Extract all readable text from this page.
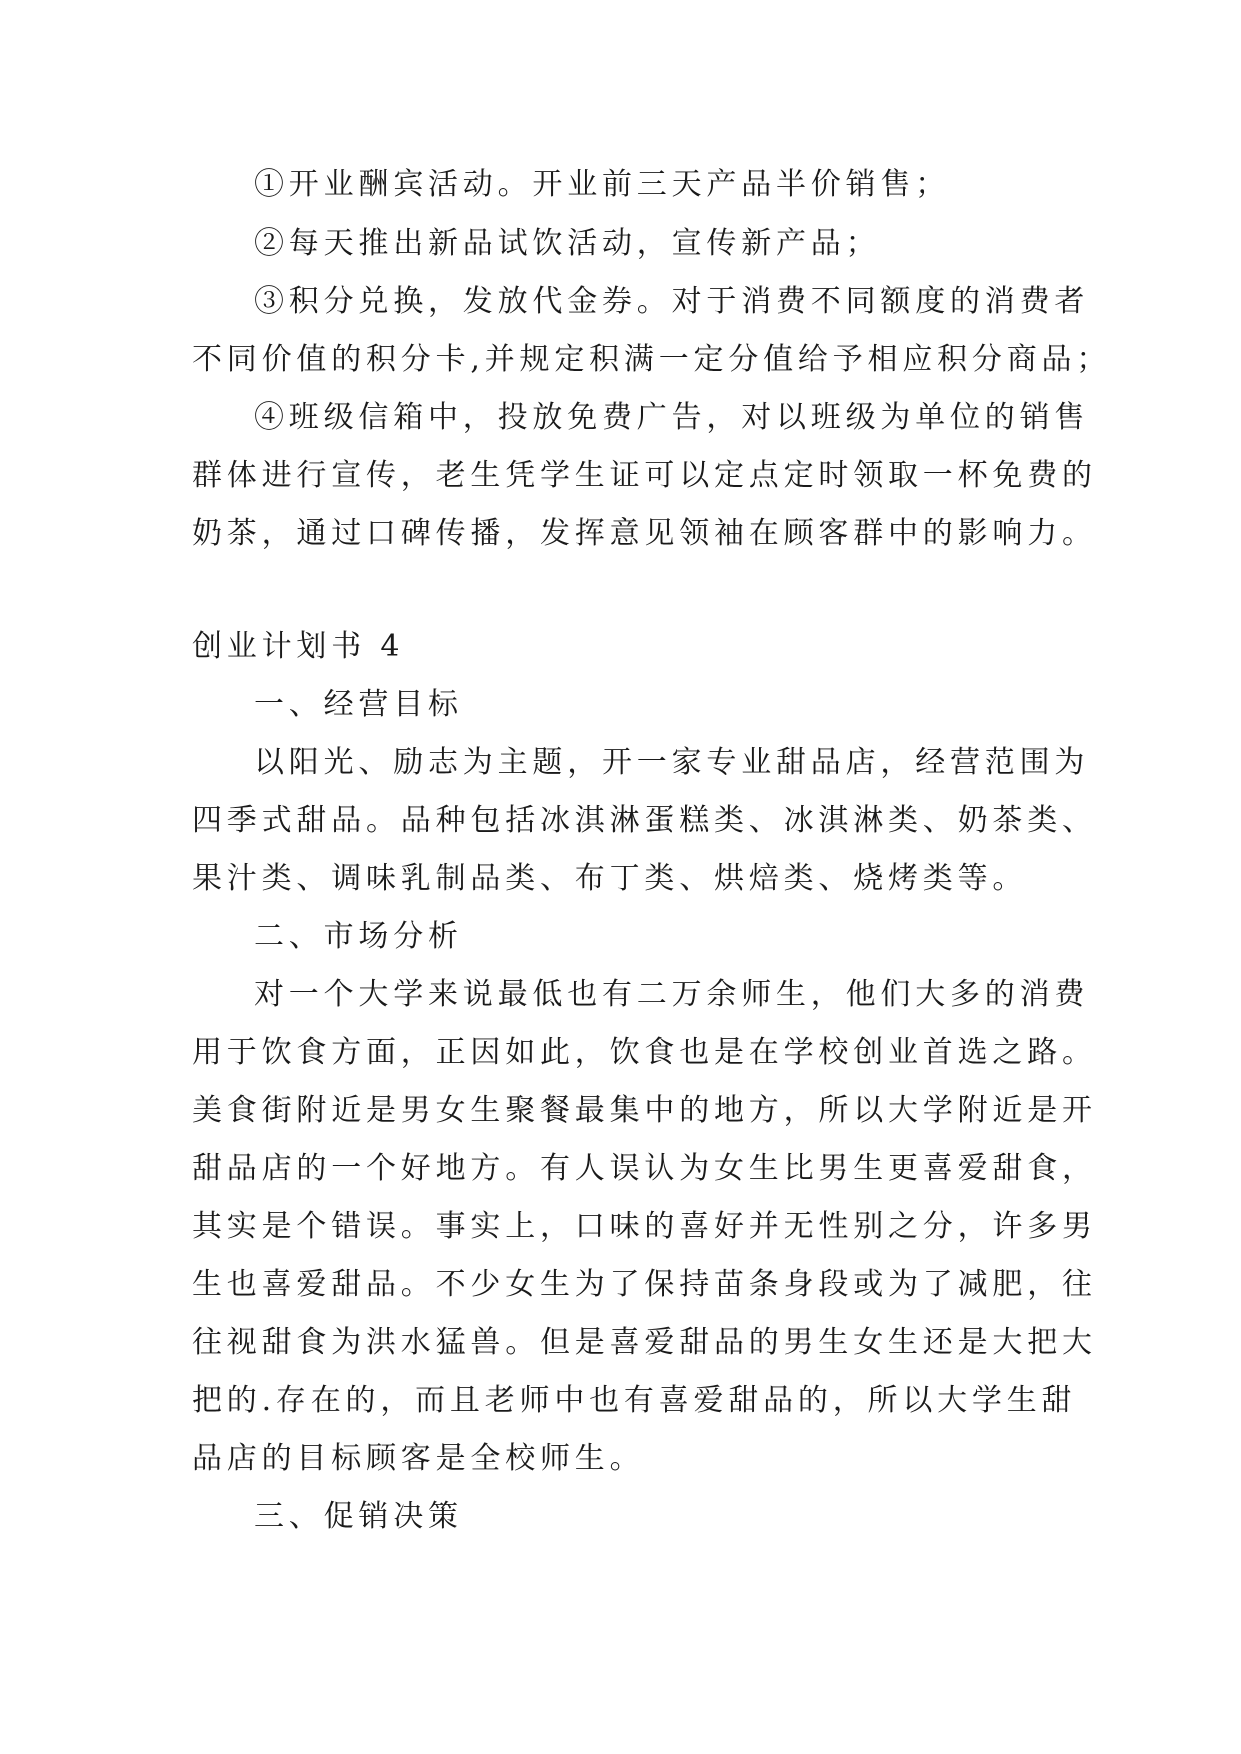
①开业酬宾活动。开业前三天产品半价销售；
②每天推出新品试饮活动，宣传新产品；
③积分兑换，发放代金券。对于消费不同额度的消费者
不同价值的积分卡,并规定积满一定分值给予相应积分商品；
④班级信箱中，投放免费广告，对以班级为单位的销售
群体进行宣传，老生凭学生证可以定点定时领取一杯免费的
奶茶，通过口碑传播，发挥意见领袖在顾客群中的影响力。
创业计划书 4
一、经营目标
以阳光、励志为主题，开一家专业甜品店，经营范围为
四季式甜品。品种包括冰淇淋蛋糕类、冰淇淋类、奶茶类、
果汁类、调味乳制品类、布丁类、烘焙类、烧烤类等。
二、市场分析
对一个大学来说最低也有二万余师生，他们大多的消费
用于饮食方面，正因如此，饮食也是在学校创业首选之路。
美食街附近是男女生聚餐最集中的地方，所以大学附近是开
甜品店的一个好地方。有人误认为女生比男生更喜爱甜食，
其实是个错误。事实上，口味的喜好并无性别之分，许多男
生也喜爱甜品。不少女生为了保持苗条身段或为了减肥，往
往视甜食为洪水猛兽。但是喜爱甜品的男生女生还是大把大
把的.存在的，而且老师中也有喜爱甜品的，所以大学生甜
品店的目标顾客是全校师生。
三、促销决策
